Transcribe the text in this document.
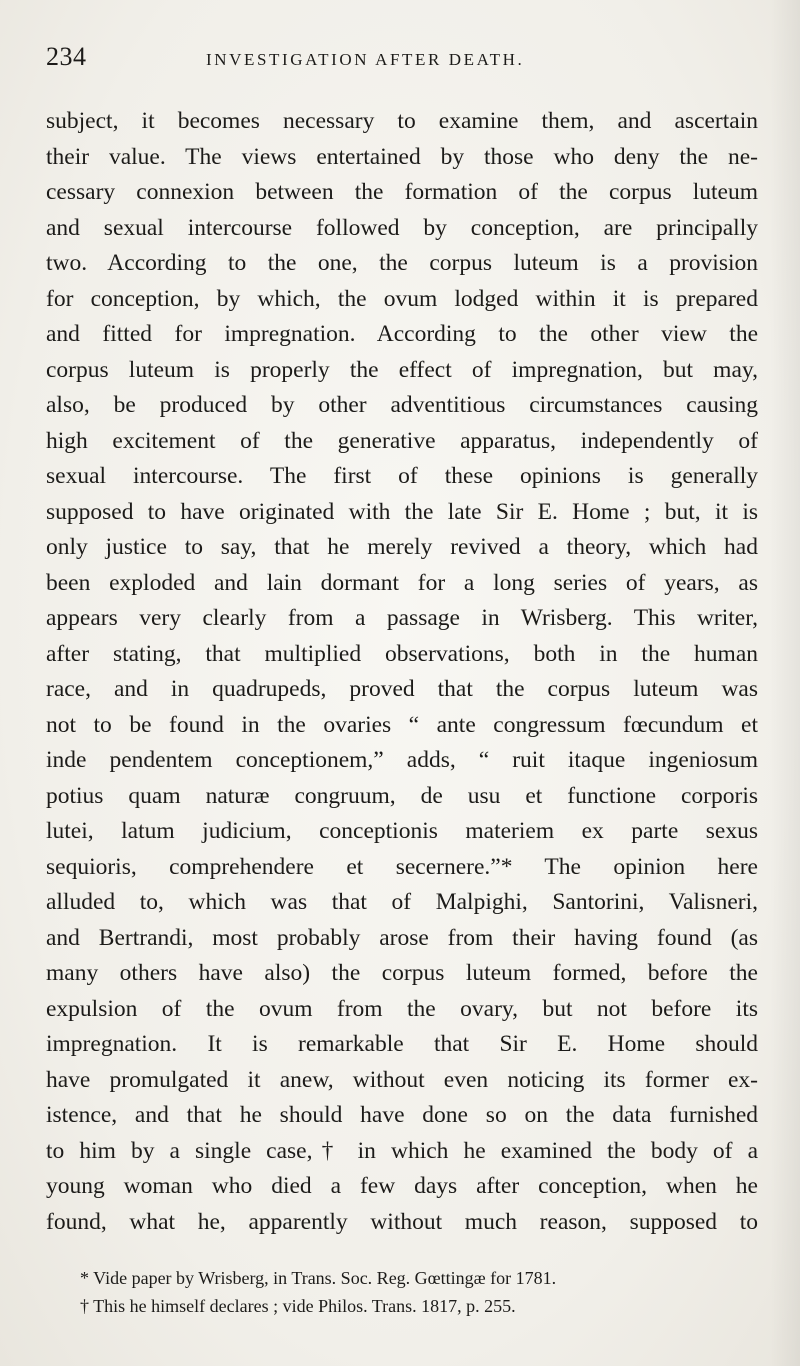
234	INVESTIGATION AFTER DEATH.
subject, it becomes necessary to examine them, and ascertain
their value. The views entertained by those who deny the ne-
cessary connexion between the formation of the corpus luteum
and sexual intercourse followed by conception, are principally
two. According to the one, the corpus luteum is a provision
for conception, by which, the ovum lodged within it is prepared
and fitted for impregnation. According to the other view the
corpus luteum is properly the effect of impregnation, but may,
also, be produced by other adventitious circumstances causing
high excitement of the generative apparatus, independently of
sexual intercourse. The first of these opinions is generally
supposed to have originated with the late Sir E. Home ; but, it is
only justice to say, that he merely revived a theory, which had
been exploded and lain dormant for a long series of years, as
appears very clearly from a passage in Wrisberg. This writer,
after stating, that multiplied observations, both in the human
race, and in quadrupeds, proved that the corpus luteum was
not to be found in the ovaries “ ante congressum fœcundum et
inde pendentem conceptionem,” adds, “ ruit itaque ingeniosum
potius quam naturæ congruum, de usu et functione corporis
lutei, latum judicium, conceptionis materiem ex parte sexus
sequioris, comprehendere et secernere.”* The opinion here
alluded to, which was that of Malpighi, Santorini, Valisneri,
and Bertrandi, most probably arose from their having found (as
many others have also) the corpus luteum formed, before the
expulsion of the ovum from the ovary, but not before its
impregnation. It is remarkable that Sir E. Home should
have promulgated it anew, without even noticing its former ex-
istence, and that he should have done so on the data furnished
to him by a single case,† in which he examined the body of a
young woman who died a few days after conception, when he
found, what he, apparently without much reason, supposed to
* Vide paper by Wrisberg, in Trans. Soc. Reg. Gœttingæ for 1781.
† This he himself declares ; vide Philos. Trans. 1817, p. 255.
